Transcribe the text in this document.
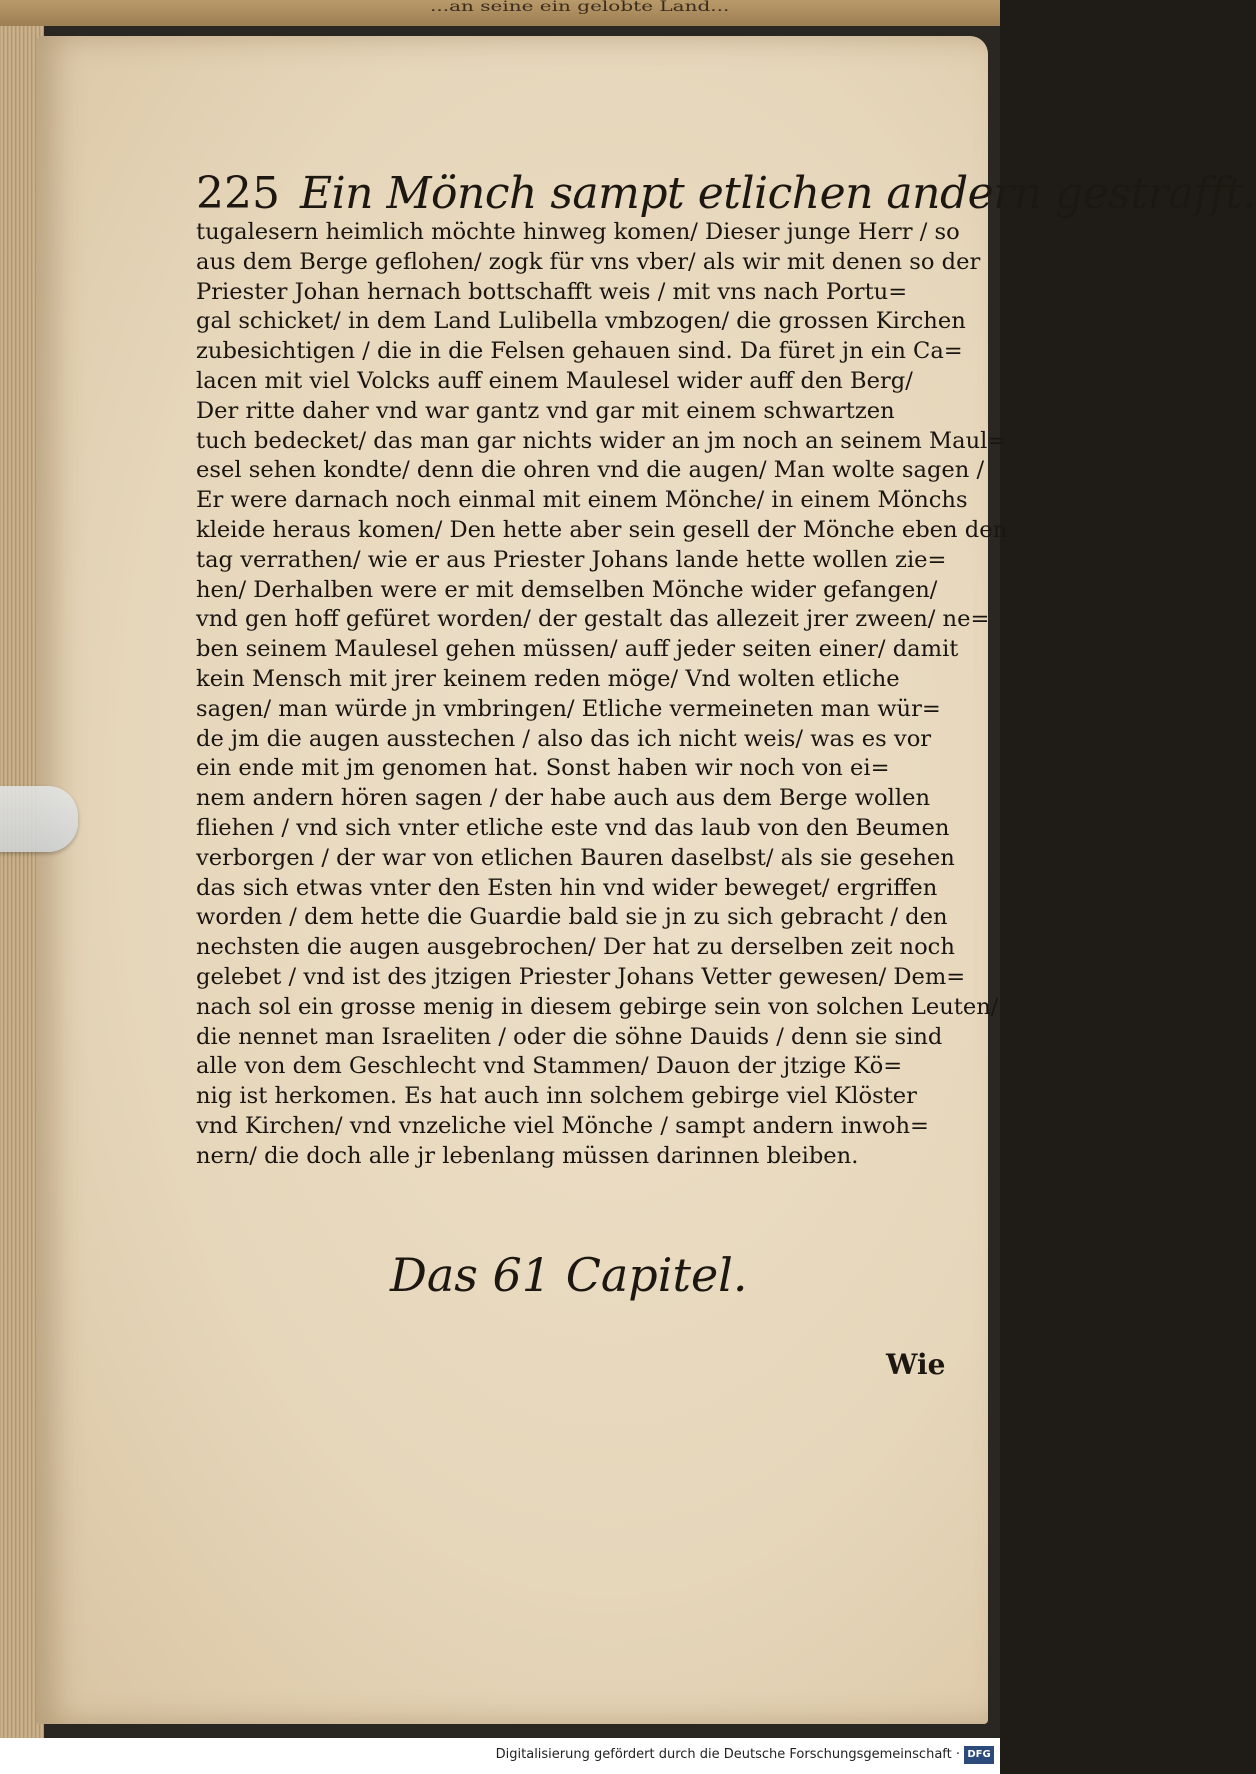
...an seine ein gelobte Land...
225 Ein Mönch sampt etlichen andern gestrafft.
tugalesern heimlich möchte hinweg komen/ Dieser junge Herr / so
aus dem Berge geflohen/ zogk für vns vber/ als wir mit denen so der
Priester Johan hernach bottschafft weis / mit vns nach Portu=
gal schicket/ in dem Land Lulibella vmbzogen/ die grossen Kirchen
zubesichtigen / die in die Felsen gehauen sind. Da füret jn ein Ca=
lacen mit viel Volcks auff einem Maulesel wider auff den Berg/
Der ritte daher vnd war gantz vnd gar mit einem schwartzen
tuch bedecket/ das man gar nichts wider an jm noch an seinem Maul=
esel sehen kondte/ denn die ohren vnd die augen/ Man wolte sagen /
Er were darnach noch einmal mit einem Mönche/ in einem Mönchs
kleide heraus komen/ Den hette aber sein gesell der Mönche eben den
tag verrathen/ wie er aus Priester Johans lande hette wollen zie=
hen/ Derhalben were er mit demselben Mönche wider gefangen/
vnd gen hoff gefüret worden/ der gestalt das allezeit jrer zween/ ne=
ben seinem Maulesel gehen müssen/ auff jeder seiten einer/ damit
kein Mensch mit jrer keinem reden möge/ Vnd wolten etliche
sagen/ man würde jn vmbringen/ Etliche vermeineten man wür=
de jm die augen ausstechen / also das ich nicht weis/ was es vor
ein ende mit jm genomen hat. Sonst haben wir noch von ei=
nem andern hören sagen / der habe auch aus dem Berge wollen
fliehen / vnd sich vnter etliche este vnd das laub von den Beumen
verborgen / der war von etlichen Bauren daselbst/ als sie gesehen
das sich etwas vnter den Esten hin vnd wider beweget/ ergriffen
worden / dem hette die Guardie bald sie jn zu sich gebracht / den
nechsten die augen ausgebrochen/ Der hat zu derselben zeit noch
gelebet / vnd ist des jtzigen Priester Johans Vetter gewesen/ Dem=
nach sol ein grosse menig in diesem gebirge sein von solchen Leuten/
die nennet man Israeliten / oder die söhne Dauids / denn sie sind
alle von dem Geschlecht vnd Stammen/ Dauon der jtzige Kö=
nig ist herkomen. Es hat auch inn solchem gebirge viel Klöster
vnd Kirchen/ vnd vnzeliche viel Mönche / sampt andern inwoh=
nern/ die doch alle jr lebenlang müssen darinnen bleiben.
Das 61 Capitel.
Wie
Digitalisierung gefördert durch die Deutsche Forschungsgemeinschaft · DFG
